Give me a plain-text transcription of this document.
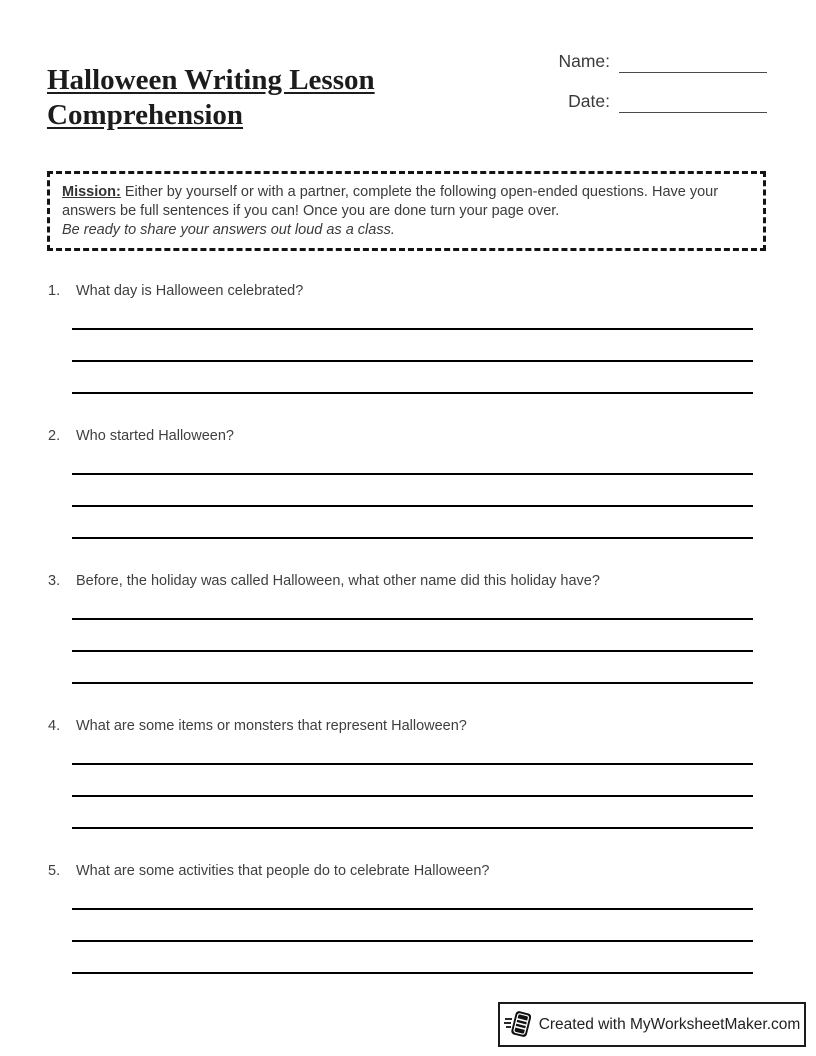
Halloween Writing Lesson Comprehension
Name:
Date:
Mission: Either by yourself or with a partner, complete the following open-ended questions. Have your answers be full sentences if you can! Once you are done turn your page over.
Be ready to share your answers out loud as a class.
1.	What day is Halloween celebrated?
2.	Who started Halloween?
3.	Before, the holiday was called Halloween, what other name did this holiday have?
4.	What are some items or monsters that represent Halloween?
5.	What are some activities that people do to celebrate Halloween?
Created with MyWorksheetMaker.com
